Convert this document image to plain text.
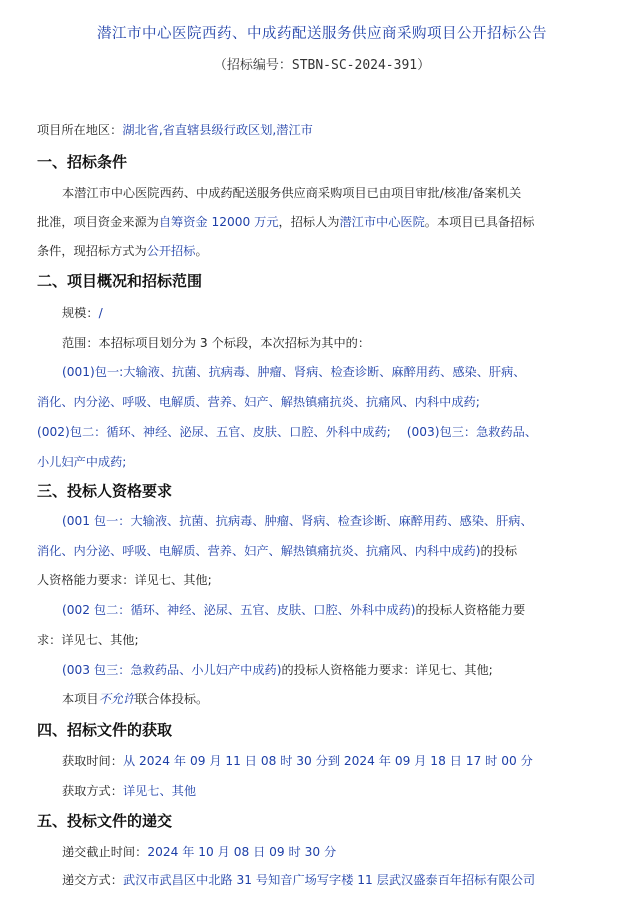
潜江市中心医院西药、中成药配送服务供应商采购项目公开招标公告
（招标编号：STBN-SC-2024-391）
项目所在地区：湖北省,省直辖县级行政区划,潜江市
一、招标条件
本潜江市中心医院西药、中成药配送服务供应商采购项目已由项目审批/核准/备案机关
批准，项目资金来源为自筹资金 12000 万元，招标人为潜江市中心医院。本项目已具备招标
条件，现招标方式为公开招标。
二、项目概况和招标范围
规模：/
范围：本招标项目划分为 3 个标段，本次招标为其中的：
(001)包一:大输液、抗菌、抗病毒、肿瘤、肾病、检查诊断、麻醉用药、感染、肝病、
消化、内分泌、呼吸、电解质、营养、妇产、解热镇痛抗炎、抗痛风、内科中成药;
(002)包二：循环、神经、泌尿、五官、皮肤、口腔、外科中成药; (003)包三：急救药品、
小儿妇产中成药;
三、投标人资格要求
(001 包一：大输液、抗菌、抗病毒、肿瘤、肾病、检查诊断、麻醉用药、感染、肝病、
消化、内分泌、呼吸、电解质、营养、妇产、解热镇痛抗炎、抗痛风、内科中成药)的投标
人资格能力要求：详见七、其他;
(002 包二：循环、神经、泌尿、五官、皮肤、口腔、外科中成药)的投标人资格能力要
求：详见七、其他;
(003 包三：急救药品、小儿妇产中成药)的投标人资格能力要求：详见七、其他;
本项目不允许联合体投标。
四、招标文件的获取
获取时间：从 2024 年 09 月 11 日 08 时 30 分到 2024 年 09 月 18 日 17 时 00 分
获取方式：详见七、其他
五、投标文件的递交
递交截止时间：2024 年 10 月 08 日 09 时 30 分
递交方式：武汉市武昌区中北路 31 号知音广场写字楼 11 层武汉盛泰百年招标有限公司
